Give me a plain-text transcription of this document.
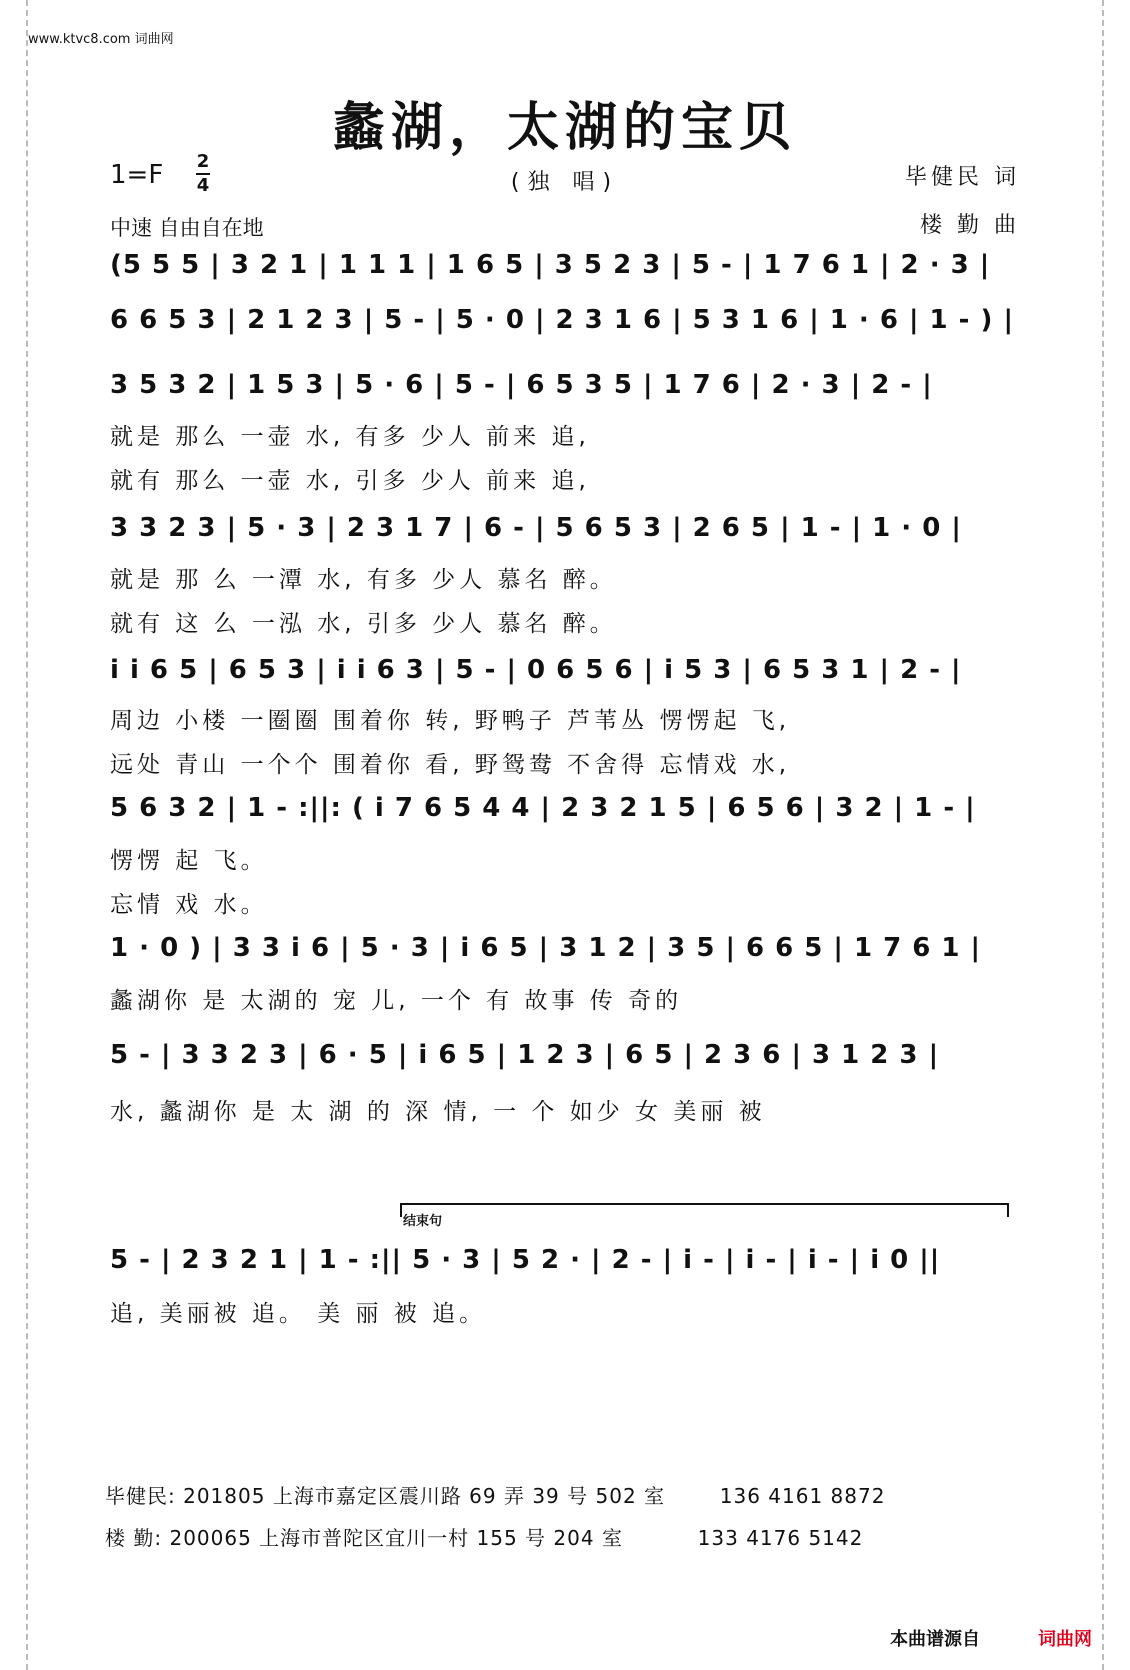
www.ktvc8.com 词曲网
蠡湖，太湖的宝贝
1=F 2
4	(独 唱)	毕健民 词
中速 自由自在地	楼 勤 曲
(5 5 5 | 3 2 1 | 1 1 1 | 1 6 5 | 3 5 2 3 | 5 - | 1 7 6 1 | 2 · 3 |
6 6 5 3 | 2 1 2 3 | 5 - | 5 · 0 | 2 3 1 6 | 5 3 1 6 | 1 · 6 | 1 - ) |
3 5 3 2 | 1 5 3 | 5 · 6 | 5 - | 6 5 3 5 | 1 7 6 | 2 · 3 | 2 - |
就是 那么 一壶 水, 有多 少人 前来 追,
就有 那么 一壶 水, 引多 少人 前来 追,
3 3 2 3 | 5 · 3 | 2 3 1 7 | 6 - | 5 6 5 3 | 2 6 5 | 1 - | 1 · 0 |
就是 那 么 一潭 水, 有多 少人 慕名 醉。
就有 这 么 一泓 水, 引多 少人 慕名 醉。
i i 6 5 | 6 5 3 | i i 6 3 | 5 - | 0 6 5 6 | i 5 3 | 6 5 3 1 | 2 - |
周边 小楼 一圈圈 围着你 转, 野鸭子 芦苇丛 愣愣起 飞,
远处 青山 一个个 围着你 看, 野鸳鸯 不舍得 忘情戏 水,
5 6 3 2 | 1 - :||: ( i 7 6 5 4 4 | 2 3 2 1 5 | 6 5 6 | 3 2 | 1 - |
愣愣 起 飞。
忘情 戏 水。
1 · 0 ) | 3 3 i 6 | 5 · 3 | i 6 5 | 3 1 2 | 3 5 | 6 6 5 | 1 7 6 1 |
蠡湖你 是 太湖的 宠 儿, 一个 有 故事 传 奇的
5 - | 3 3 2 3 | 6 · 5 | i 6 5 | 1 2 3 | 6 5 | 2 3 6 | 3 1 2 3 |
水, 蠡湖你 是 太 湖 的 深 情, 一 个 如少 女 美丽 被
结束句
5 - | 2 3 2 1 | 1 - :|| 5 · 3 | 5 2 · | 2 - | i - | i - | i - | i 0 ||
追, 美丽被 追。 美 丽 被 追。
毕健民: 201805 上海市嘉定区震川路 69 弄 39 号 502 室	136 4161 8872
楼 勤: 200065 上海市普陀区宜川一村 155 号 204 室	133 4176 5142
本曲谱源自	词曲网
